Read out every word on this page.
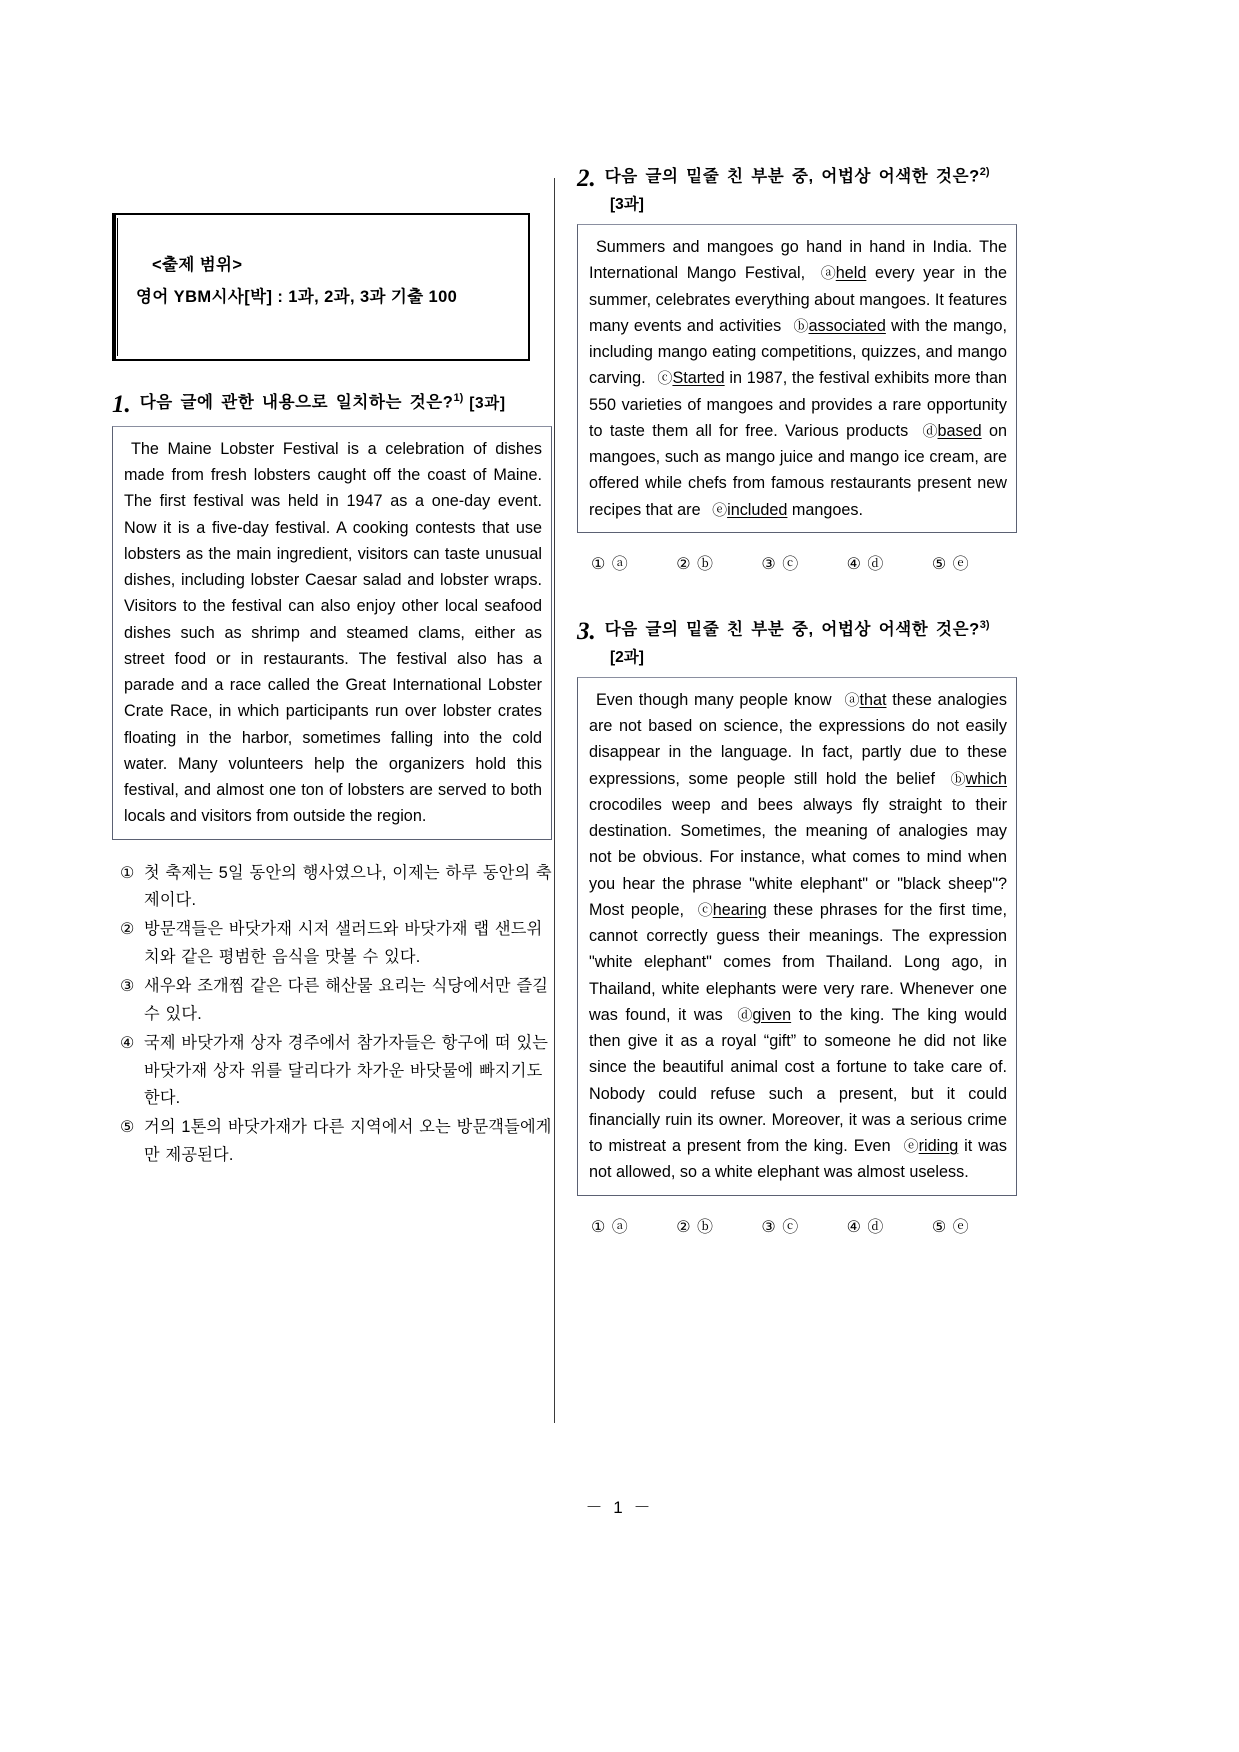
<출제 범위>
영어 YBM시사[박] : 1과, 2과, 3과 기출 100
1. 다음 글에 관한 내용으로 일치하는 것은?$^{1)}$ [3과]

The Maine Lobster Festival is a celebration of dishes made from fresh lobsters caught off the coast of Maine. The first festival was held in 1947 as a one-day event. Now it is a five-day festival. A cooking contests that use lobsters as the main ingredient, visitors can taste unusual dishes, including lobster Caesar salad and lobster wraps. Visitors to the festival can also enjoy other local seafood dishes such as shrimp and steamed clams, either as street food or in restaurants. The festival also has a parade and a race called the Great International Lobster Crate Race, in which participants run over lobster crates floating in the harbor, sometimes falling into the cold water. Many volunteers help the organizers hold this festival, and almost one ton of lobsters are served to both locals and visitors from outside the region.

① 첫 축제는 5일 동안의 행사였으나, 이제는 하루 동안의 축제이다.
② 방문객들은 바닷가재 시저 샐러드와 바닷가재 랩 샌드위치와 같은 평범한 음식을 맛볼 수 있다.
③ 새우와 조개찜 같은 다른 해산물 요리는 식당에서만 즐길 수 있다.
④ 국제 바닷가재 상자 경주에서 참가자들은 항구에 떠 있는 바닷가재 상자 위를 달리다가 차가운 바닷물에 빠지기도 한다.
⑤ 거의 1톤의 바닷가재가 다른 지역에서 오는 방문객들에게만 제공된다.
2. 다음 글의 밑줄 친 부분 중, 어법상 어색한 것은?$^{2)}$
[3과]

Summers and mangoes go hand in hand in India. The International Mango Festival, ⓐheld every year in the summer, celebrates everything about mangoes. It features many events and activities ⓑassociated with the mango, including mango eating competitions, quizzes, and mango carving. ⓒStarted in 1987, the festival exhibits more than 550 varieties of mangoes and provides a rare opportunity to taste them all for free. Various products ⓓbased on mangoes, such as mango juice and mango ice cream, are offered while chefs from famous restaurants present new recipes that are ⓔincluded mangoes.

① ⓐ	② ⓑ	③ ⓒ	④ ⓓ	⑤ ⓔ
3. 다음 글의 밑줄 친 부분 중, 어법상 어색한 것은?$^{3)}$
[2과]

Even though many people know ⓐthat these analogies are not based on science, the expressions do not easily disappear in the language. In fact, partly due to these expressions, some people still hold the belief ⓑwhich crocodiles weep and bees always fly straight to their destination. Sometimes, the meaning of analogies may not be obvious. For instance, what comes to mind when you hear the phrase "white elephant" or "black sheep"? Most people, ⓒhearing these phrases for the first time, cannot correctly guess their meanings. The expression "white elephant" comes from Thailand. Long ago, in Thailand, white elephants were very rare. Whenever one was found, it was ⓓgiven to the king. The king would then give it as a royal “gift” to someone he did not like since the beautiful animal cost a fortune to take care of. Nobody could refuse such a present, but it could financially ruin its owner. Moreover, it was a serious crime to mistreat a present from the king. Even ⓔriding it was not allowed, so a white elephant was almost useless.

① ⓐ	② ⓑ	③ ⓒ	④ ⓓ	⑤ ⓔ
－ 1 －
